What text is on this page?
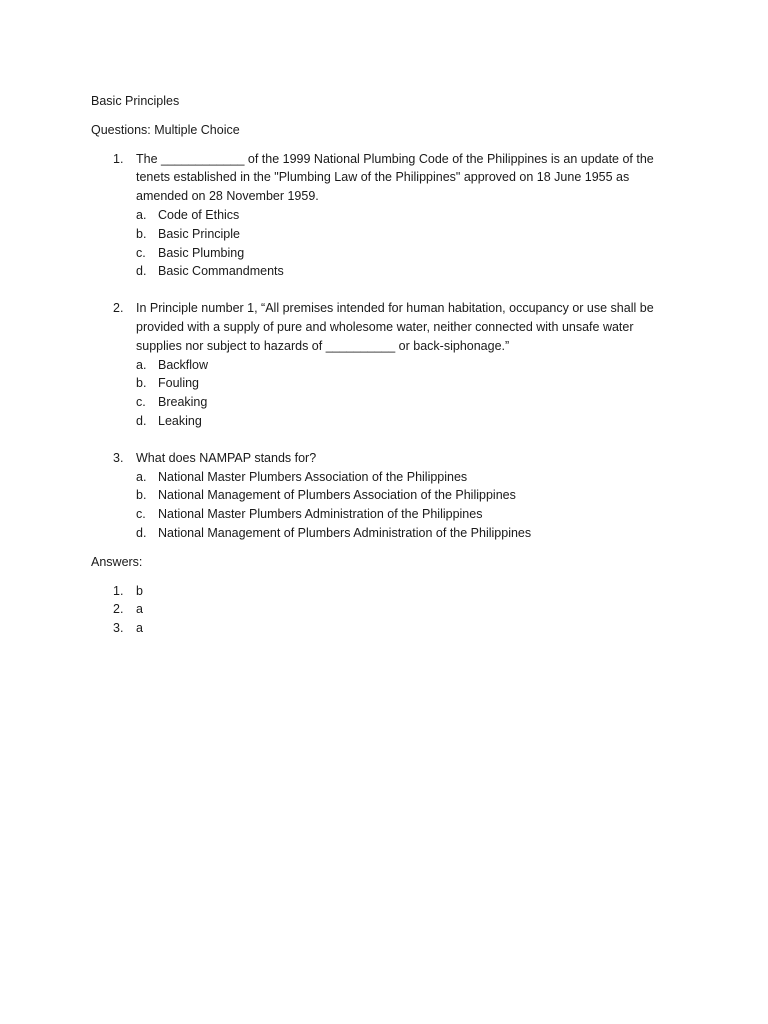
Basic Principles
Questions: Multiple Choice
1. The ____________ of the 1999 National Plumbing Code of the Philippines is an update of the
tenets established in the "Plumbing Law of the Philippines" approved on 18 June 1955 as
amended on 28 November 1959.
a. Code of Ethics
b. Basic Principle
c. Basic Plumbing
d. Basic Commandments
2. In Principle number 1, “All premises intended for human habitation, occupancy or use shall be
provided with a supply of pure and wholesome water, neither connected with unsafe water
supplies nor subject to hazards of __________ or back-siphonage.”
a. Backflow
b. Fouling
c. Breaking
d. Leaking
3. What does NAMPAP stands for?
a. National Master Plumbers Association of the Philippines
b. National Management of Plumbers Association of the Philippines
c. National Master Plumbers Administration of the Philippines
d. National Management of Plumbers Administration of the Philippines
Answers:
1. b
2. a
3. a
